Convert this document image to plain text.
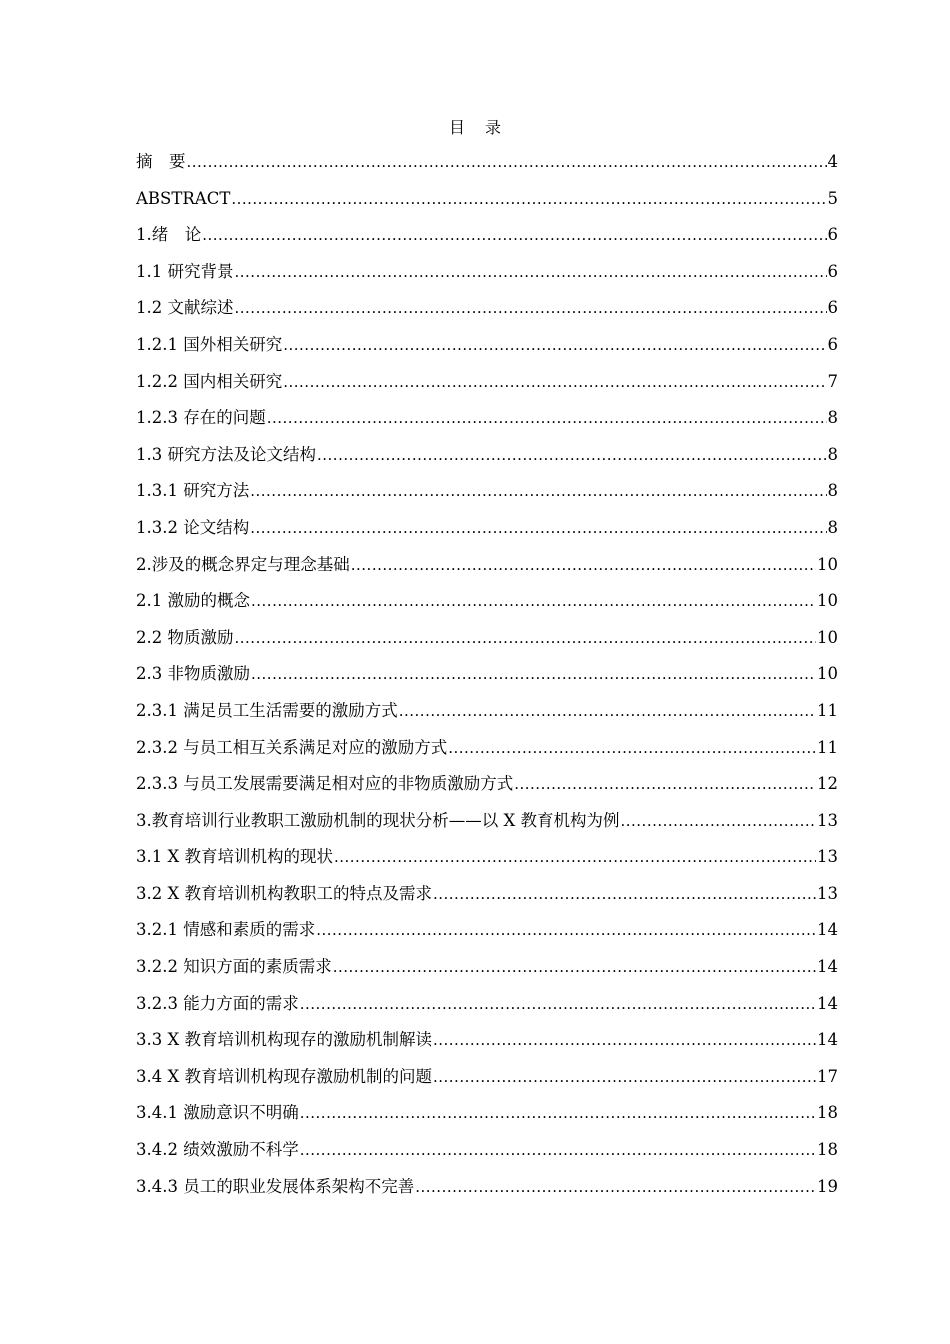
目 录
摘　要 .....	4
ABSTRACT .....	5
1.绪　论 .....	6
1.1 研究背景 .....	6
1.2 文献综述 .....	6
1.2.1 国外相关研究 .....	6
1.2.2 国内相关研究 .....	7
1.2.3 存在的问题 .....	8
1.3 研究方法及论文结构 .....	8
1.3.1 研究方法 .....	8
1.3.2 论文结构 .....	8
2.涉及的概念界定与理念基础 .....	10
2.1 激励的概念 .....	10
2.2 物质激励 .....	10
2.3 非物质激励 .....	10
2.3.1 满足员工生活需要的激励方式 .....	11
2.3.2 与员工相互关系满足对应的激励方式 .....	11
2.3.3 与员工发展需要满足相对应的非物质激励方式 .....	12
3.教育培训行业教职工激励机制的现状分析——以 X 教育机构为例 .....	13
3.1 X 教育培训机构的现状 .....	13
3.2 X 教育培训机构教职工的特点及需求 .....	13
3.2.1 情感和素质的需求 .....	14
3.2.2 知识方面的素质需求 .....	14
3.2.3 能力方面的需求 .....	14
3.3 X 教育培训机构现存的激励机制解读 .....	14
3.4 X 教育培训机构现存激励机制的问题 .....	17
3.4.1 激励意识不明确 .....	18
3.4.2 绩效激励不科学 .....	18
3.4.3 员工的职业发展体系架构不完善 .....	19
